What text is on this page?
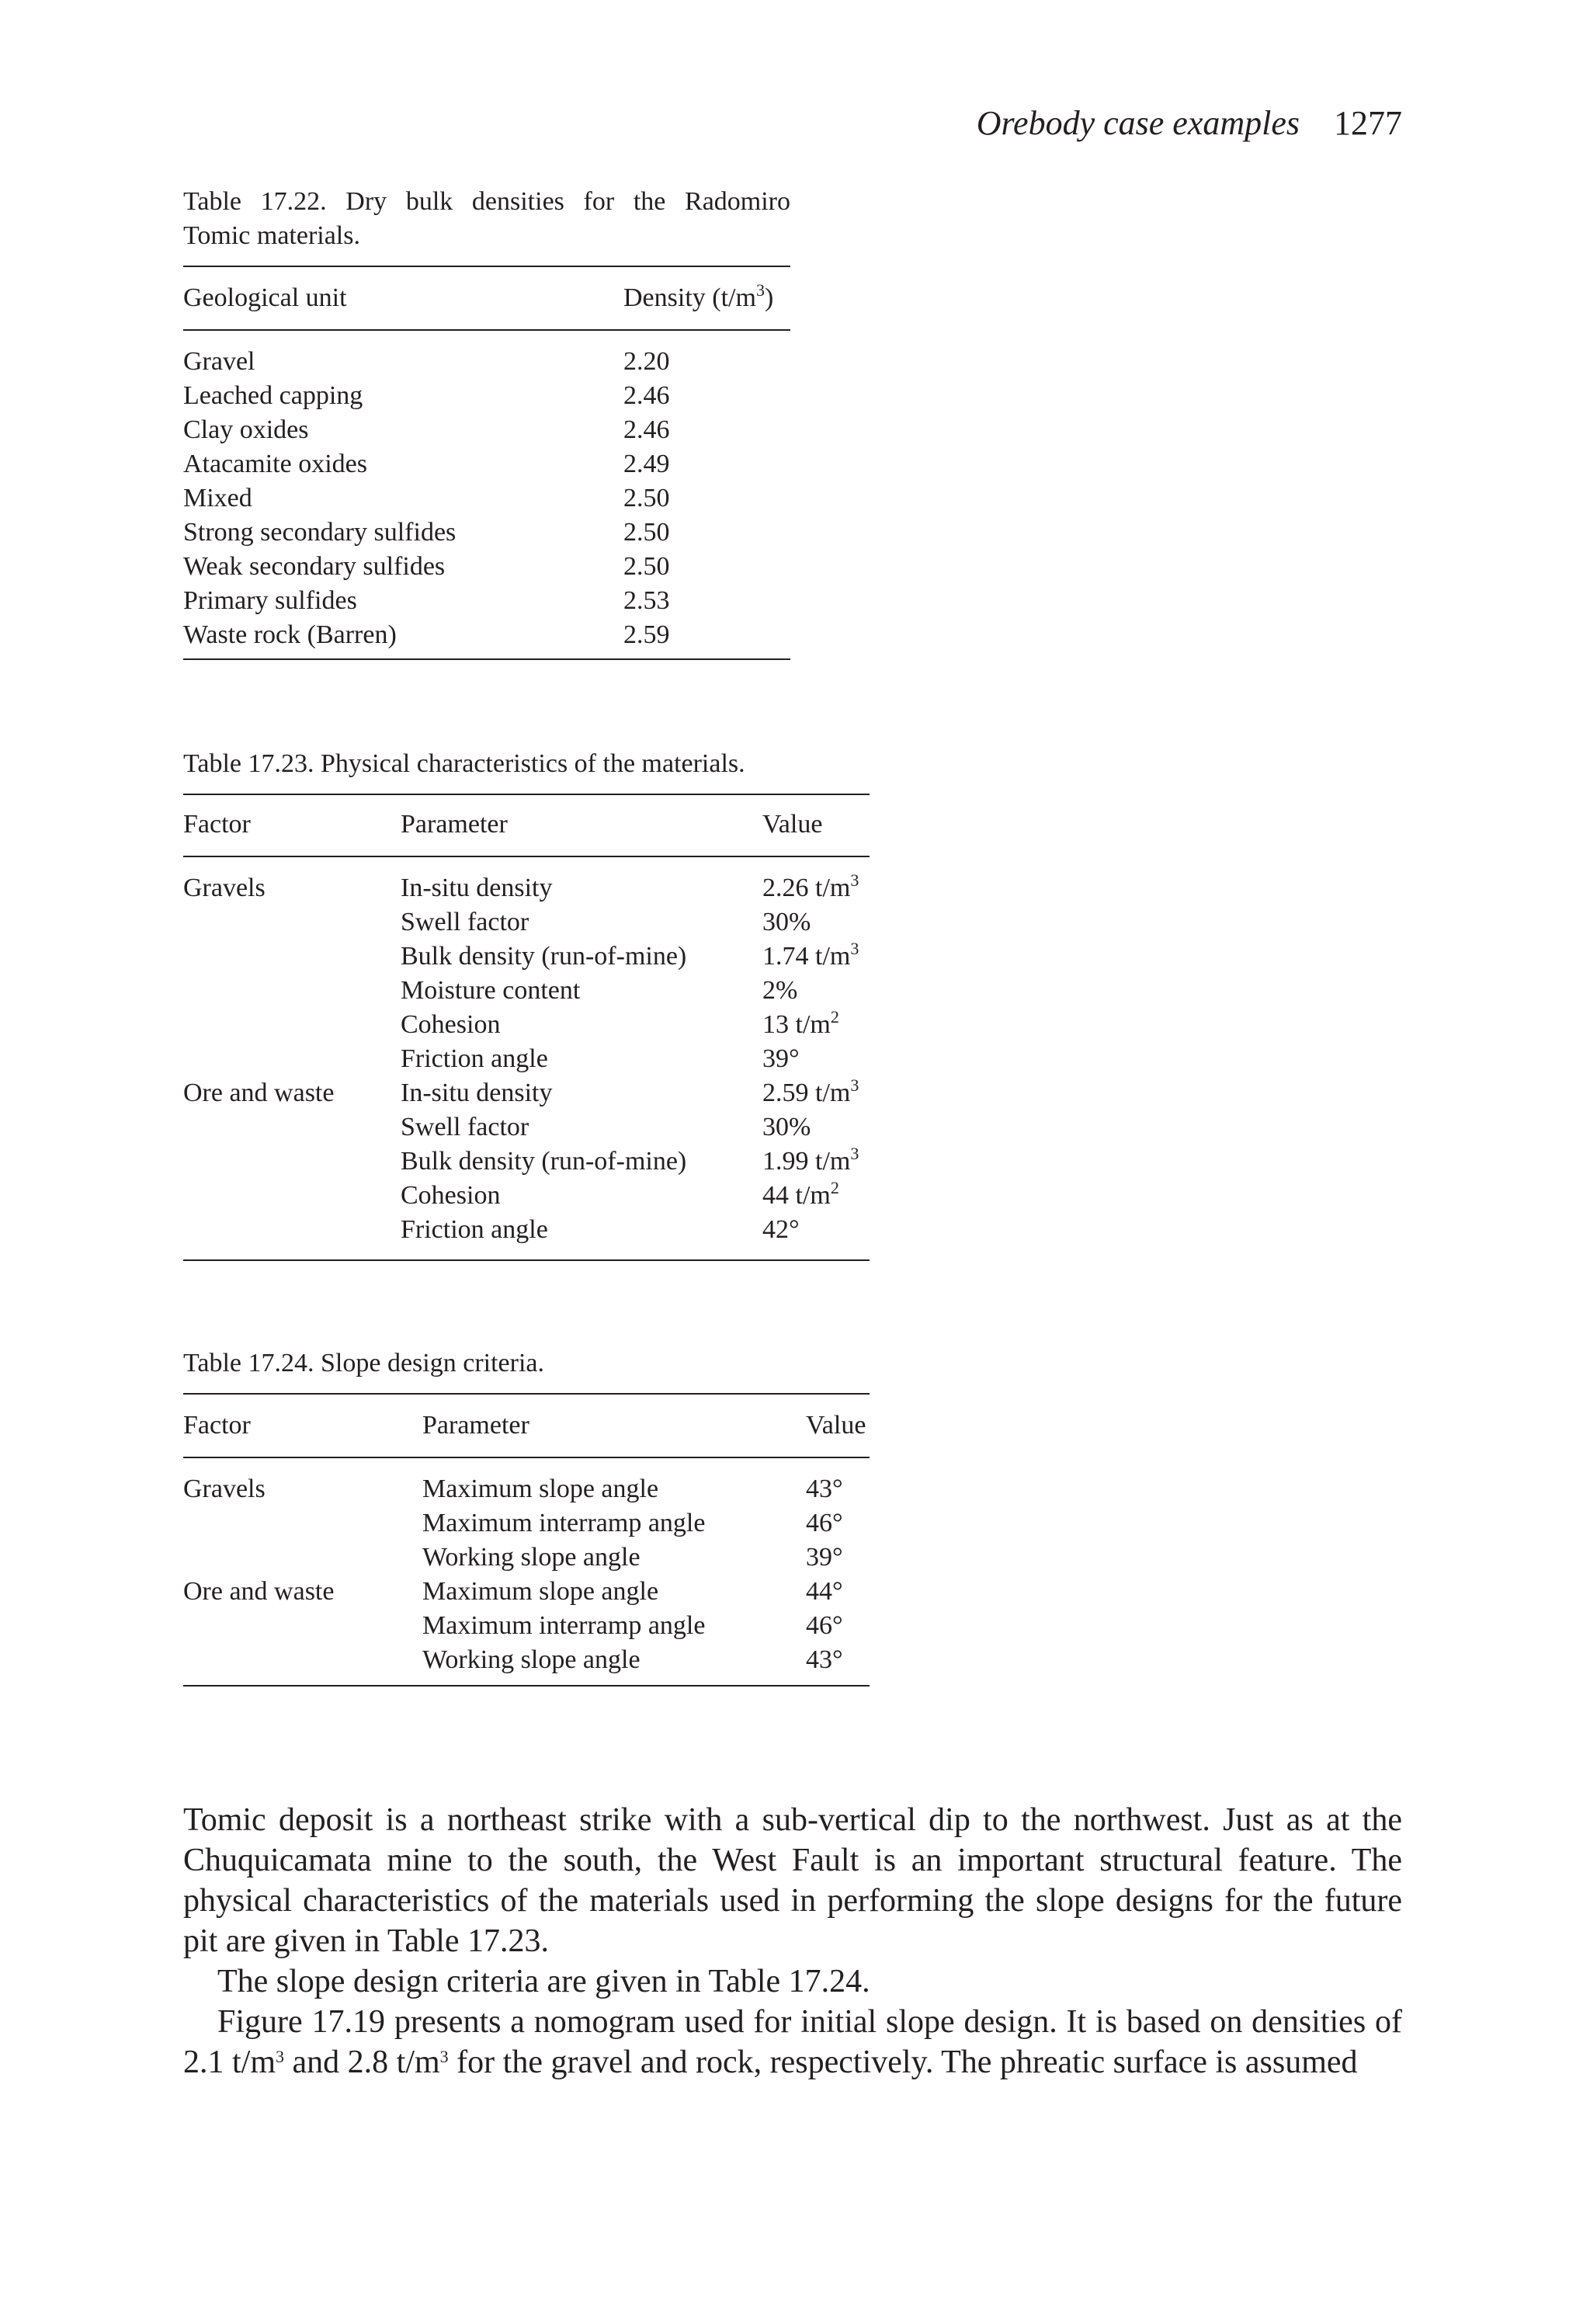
Orebody case examples 1277
Table 17.22. Dry bulk densities for the Radomiro
Tomic materials.
Geological unit	Density $(t/m^3)$
Gravel	2.20
Leached capping	2.46
Clay oxides	2.46
Atacamite oxides	2.49
Mixed	2.50
Strong secondary sulfides	2.50
Weak secondary sulfides	2.50
Primary sulfides	2.53
Waste rock (Barren)	2.59
Table 17.23. Physical characteristics of the materials.
Factor	Parameter	Value
Gravels	In-situ density	2.26 $t/m^3$
Swell factor	30%
Bulk density (run-of-mine)	1.74 $t/m^3$
Moisture content	2%
Cohesion	13 $t/m^2$
Friction angle	39°
Ore and waste	In-situ density	2.59 $t/m^3$
Swell factor	30%
Bulk density (run-of-mine)	1.99 $t/m^3$
Cohesion	44 $t/m^2$
Friction angle	42°
Table 17.24. Slope design criteria.
Factor	Parameter	Value
Gravels	Maximum slope angle	43°
Maximum interramp angle	46°
Working slope angle	39°
Ore and waste	Maximum slope angle	44°
Maximum interramp angle	46°
Working slope angle	43°

Tomic deposit is a northeast strike with a sub-vertical dip to the northwest. Just as at the Chuquicamata mine to the south, the West Fault is an important structural feature. The physical characteristics of the materials used in performing the slope designs for the future pit are given in Table 17.23.

The slope design criteria are given in Table 17.24.

Figure 17.19 presents a nomogram used for initial slope design. It is based on densities of 2.1 $t/m^3$ and 2.8 $t/m^3$ for the gravel and rock, respectively. The phreatic surface is assumed
